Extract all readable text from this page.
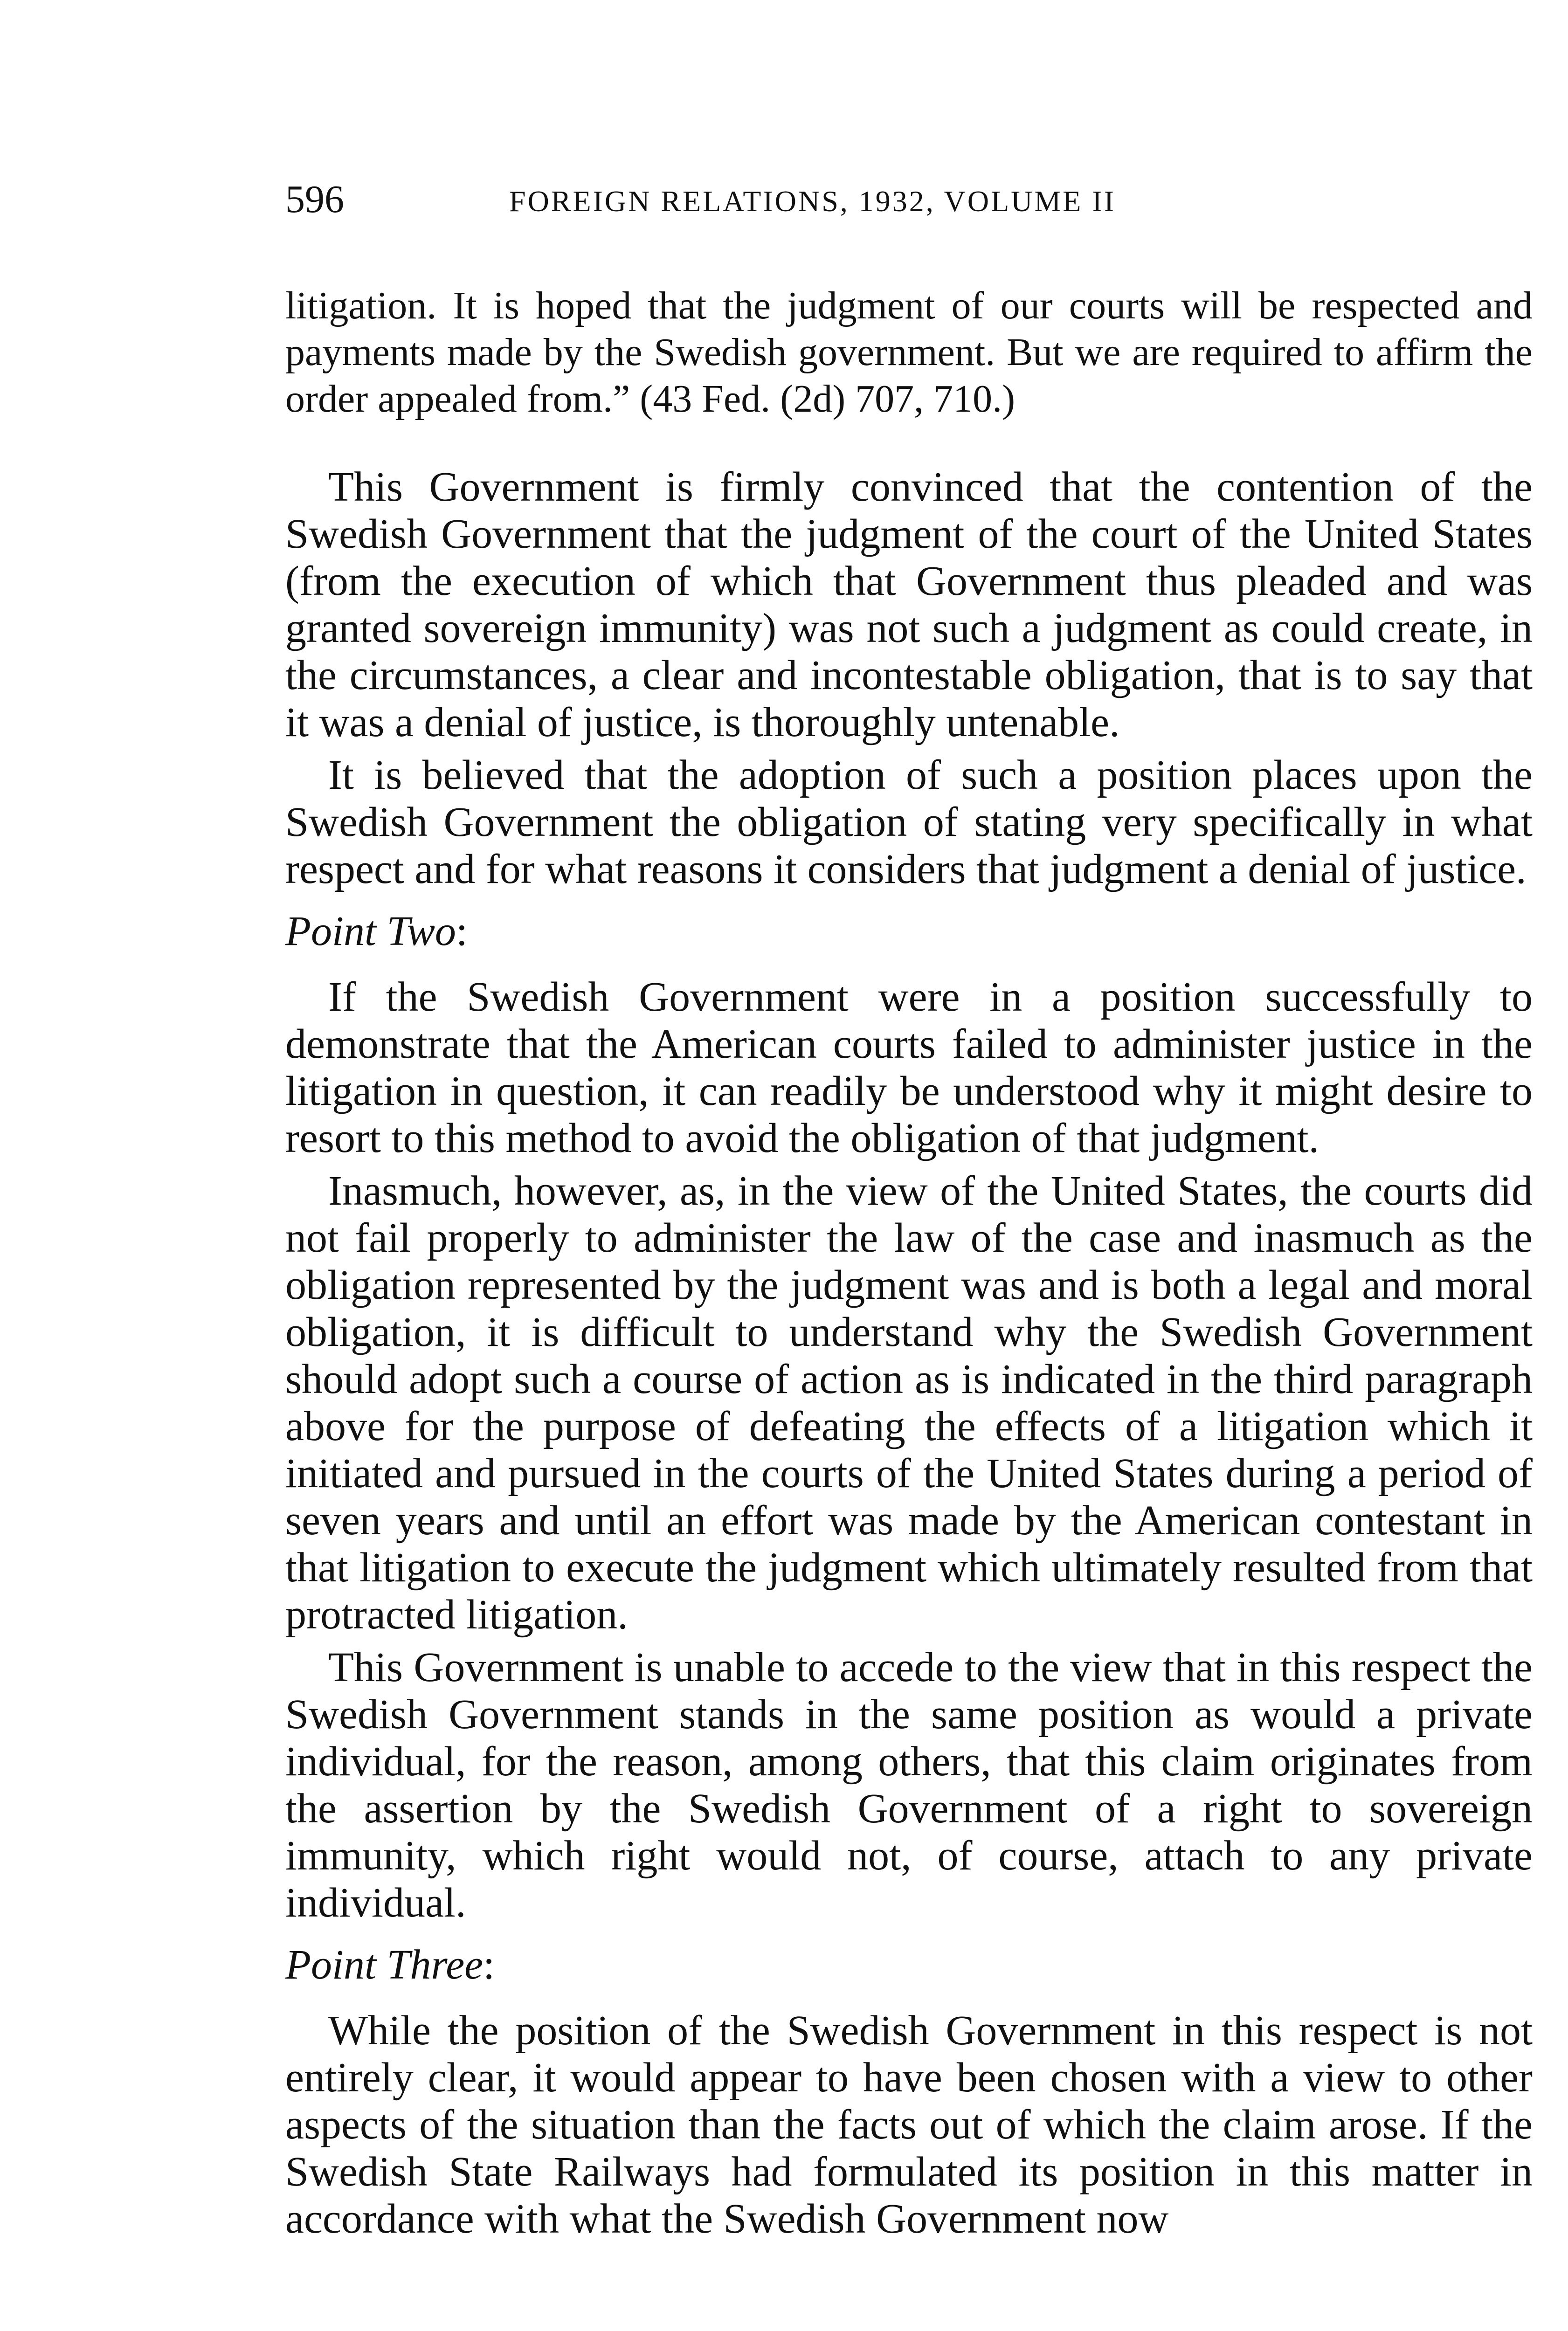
596	FOREIGN RELATIONS, 1932, VOLUME II

litigation. It is hoped that the judgment of our courts will be respected and payments made by the Swedish government. But we are required to affirm the order appealed from.” (43 Fed. (2d) 707, 710.)

This Government is firmly convinced that the contention of the Swedish Government that the judgment of the court of the United States (from the execution of which that Government thus pleaded and was granted sovereign immunity) was not such a judgment as could create, in the circumstances, a clear and incontestable obligation, that is to say that it was a denial of justice, is thoroughly untenable.

It is believed that the adoption of such a position places upon the Swedish Government the obligation of stating very specifically in what respect and for what reasons it considers that judgment a denial of justice.

Point Two:

If the Swedish Government were in a position successfully to demonstrate that the American courts failed to administer justice in the litigation in question, it can readily be understood why it might desire to resort to this method to avoid the obligation of that judgment.

Inasmuch, however, as, in the view of the United States, the courts did not fail properly to administer the law of the case and inasmuch as the obligation represented by the judgment was and is both a legal and moral obligation, it is difficult to understand why the Swedish Government should adopt such a course of action as is indicated in the third paragraph above for the purpose of defeating the effects of a litigation which it initiated and pursued in the courts of the United States during a period of seven years and until an effort was made by the American contestant in that litigation to execute the judgment which ultimately resulted from that protracted litigation.

This Government is unable to accede to the view that in this respect the Swedish Government stands in the same position as would a private individual, for the reason, among others, that this claim originates from the assertion by the Swedish Government of a right to sovereign immunity, which right would not, of course, attach to any private individual.

Point Three:

While the position of the Swedish Government in this respect is not entirely clear, it would appear to have been chosen with a view to other aspects of the situation than the facts out of which the claim arose. If the Swedish State Railways had formulated its position in this matter in accordance with what the Swedish Government now
